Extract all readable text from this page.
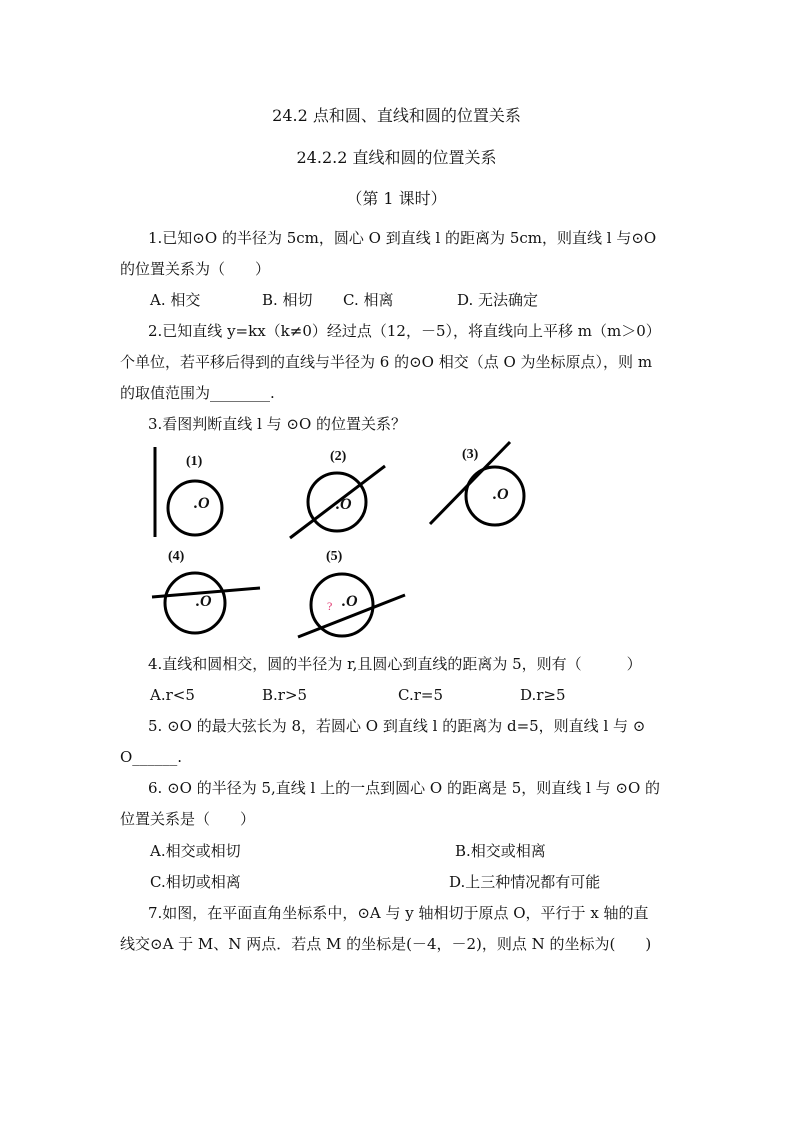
24.2 点和圆、直线和圆的位置关系
24.2.2 直线和圆的位置关系
（第 1 课时）
1.已知⊙O 的半径为 5cm，圆心 O 到直线 l 的距离为 5cm，则直线 l 与⊙O
的位置关系为（　　）
A. 相交	B. 相切 C. 相离	D. 无法确定
2.已知直线 y=kx（k≠0）经过点（12，－5），将直线向上平移 m（m＞0）
个单位，若平移后得到的直线与半径为 6 的⊙O 相交（点 O 为坐标原点），则 m
的取值范围为________.
3.看图判断直线 l 与 ⊙O 的位置关系？
(1)
.O
(2)
.O
(3)
.O
(4)
.O
(5)
.O
?
4.直线和圆相交，圆的半径为 r,且圆心到直线的距离为 5，则有（　　　）
A.r<5	B.r>5	C.r=5	D.r≥5
5. ⊙O 的最大弦长为 8，若圆心 O 到直线 l 的距离为 d=5，则直线 l 与 ⊙
O______.
6. ⊙O 的半径为 5,直线 l 上的一点到圆心 O 的距离是 5，则直线 l 与 ⊙O 的
位置关系是（　　）
A.相交或相切	B.相交或相离
C.相切或相离	D.上三种情况都有可能
7.如图，在平面直角坐标系中，⊙A 与 y 轴相切于原点 O，平行于 x 轴的直
线交⊙A 于 M、N 两点．若点 M 的坐标是(－4，－2)，则点 N 的坐标为(　　)
